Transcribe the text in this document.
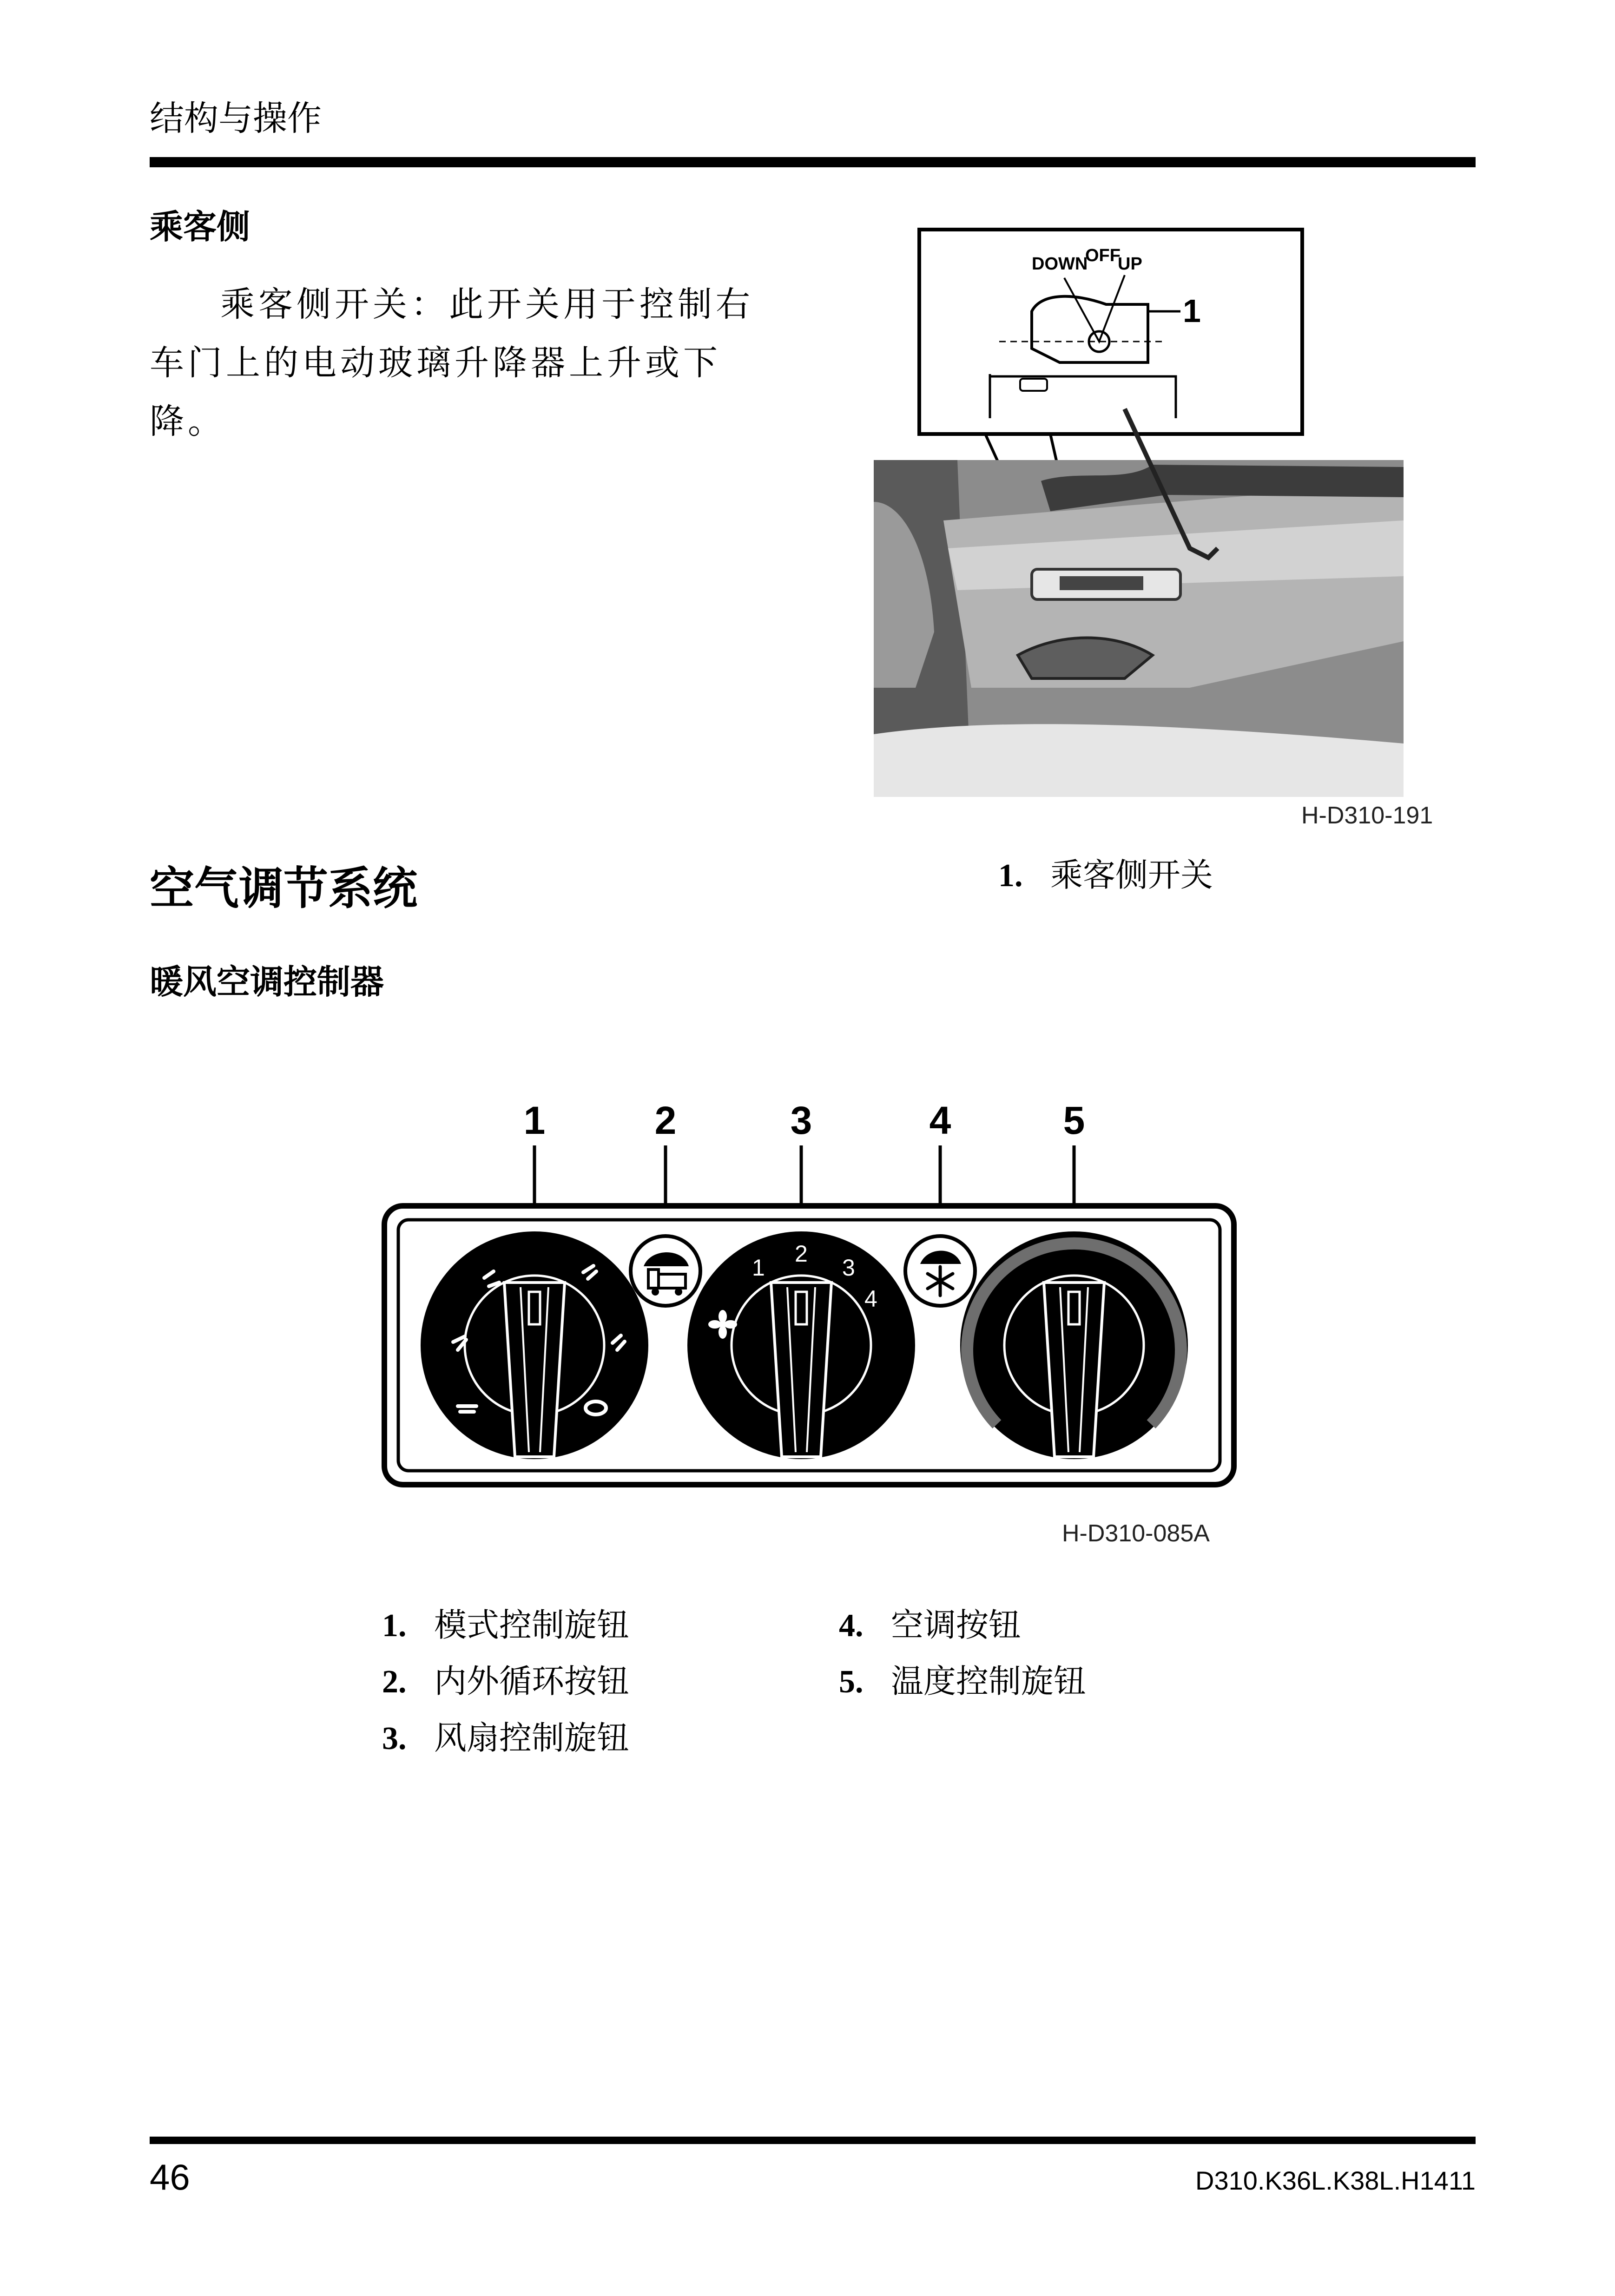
结构与操作
乘客侧
乘客侧开关：此开关用于控制右车门上的电动玻璃升降器上升或下降。
DOWN
OFF
UP
1
H-D310-191
1. 乘客侧开关
空气调节系统
暖风空调控制器
1	2	3	4	5
1
2
3
4
H-D310-085A
1. 模式控制旋钮
2. 内外循环按钮
3. 风扇控制旋钮
4. 空调按钮
5. 温度控制旋钮
46	D310.K36L.K38L.H1411
